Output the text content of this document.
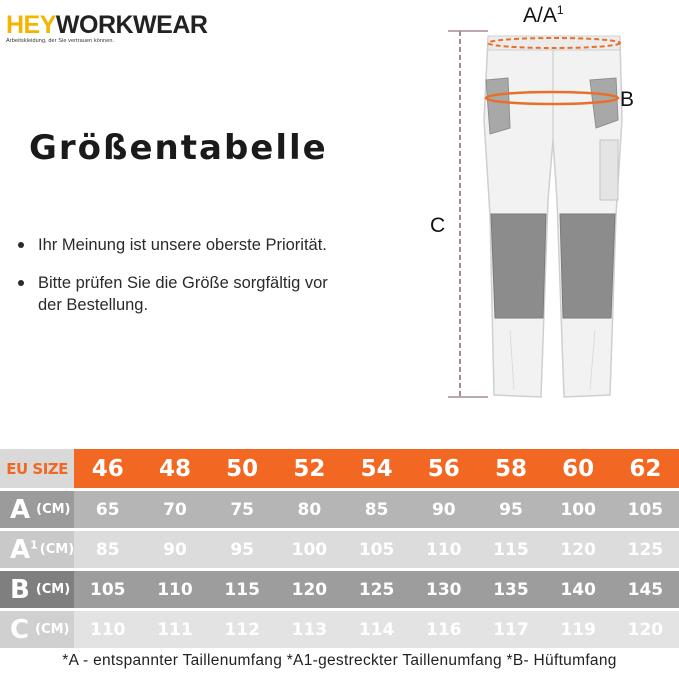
HEYWORKWEAR
Arbeitskleidung, der Sie vertrauen können.
Größentabelle
Ihr Meinung ist unsere oberste Priorität.
Bitte prüfen Sie die Größe sorgfältig vor der Bestellung.
$A/A^1$
B
C
EU SIZE	46	48	50	52	54	56	58	60	62
A (CM)	65	70	75	80	85	90	95	100	105
$A^1$ (CM)	85	90	95	100	105	110	115	120	125
B (CM)	105	110	115	120	125	130	135	140	145
C (CM)	110	111	112	113	114	116	117	119	120
*A - entspannter Taillenumfang *A1-gestreckter Taillenumfang *B- Hüftumfang
